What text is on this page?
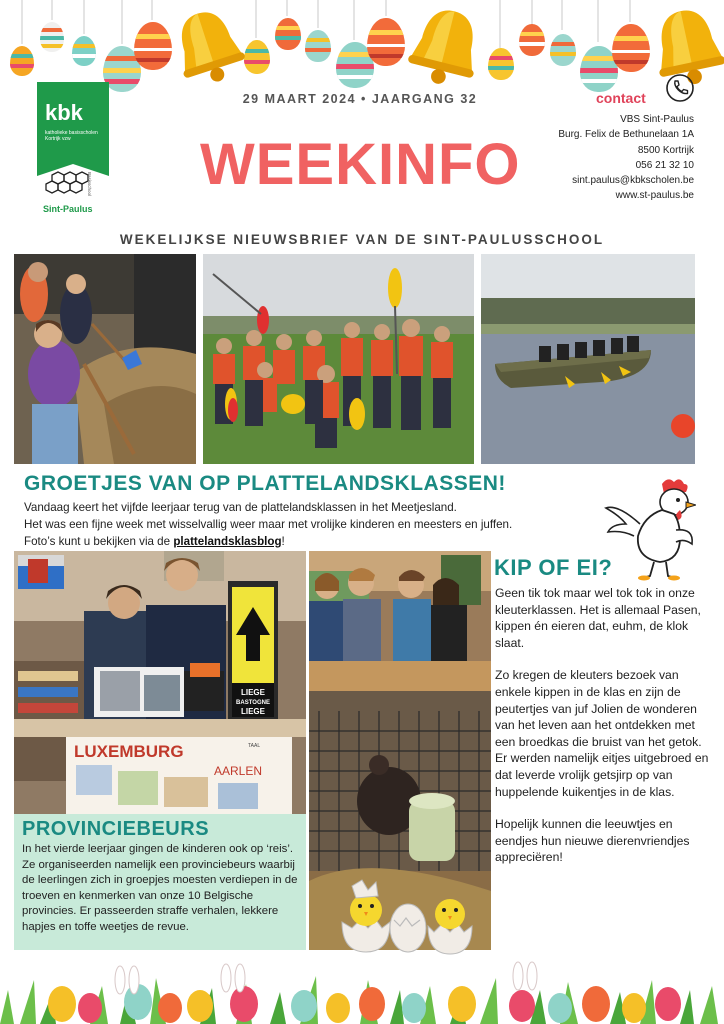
kbk
katholieke basisscholen Kortrijk vzw
Sint-Paulus
Basisschool
29 MAART 2024 • JAARGANG 32
WEEKINFO
contact
VBS Sint-Paulus
Burg. Felix de Bethunelaan 1A
8500 Kortrijk
056 21 32 10
sint.paulus@kbkscholen.be
www.st-paulus.be
WEKELIJKSE NIEUWSBRIEF VAN DE SINT-PAULUSSCHOOL
GROETJES VAN OP PLATTELANDSKLASSEN!
Vandaag keert het vijfde leerjaar terug van de plattelandsklassen in het Meetjesland.
Het was een fijne week met wisselvallig weer maar met vrolijke kinderen en meesters en juffen.
Foto’s kunt u bekijken via de plattelandsklasblog!
LIEGE
BASTOGNE
LIEGE
LUXEMBURG
AARLEN
TAAL
PROVINCIEBEURS
In het vierde leerjaar gingen de kinderen ook op ‘reis’. Ze organiseerden namelijk een provinciebeurs waarbij de leerlingen zich in groepjes moesten verdiepen in de troeven en kenmerken van onze 10 Belgische provincies. Er passeerden straffe verhalen, lekkere hapjes en toffe weetjes de revue.
KIP OF EI?

Geen tik tok maar wel tok tok in onze kleuterklassen. Het is allemaal Pasen, kippen én eieren dat, euhm, de klok slaat.

Zo kregen de kleuters bezoek van enkele kippen in de klas en zijn de peutertjes van juf Jolien de wonderen van het leven aan het ontdekken met een broedkas die bruist van het getok. Er werden namelijk eitjes uitgebroed en dat leverde vrolijk getsjirp op van huppelende kuikentjes in de klas.

Hopelijk kunnen die leeuwtjes en eendjes hun nieuwe dierenvriendjes appreciëren!
